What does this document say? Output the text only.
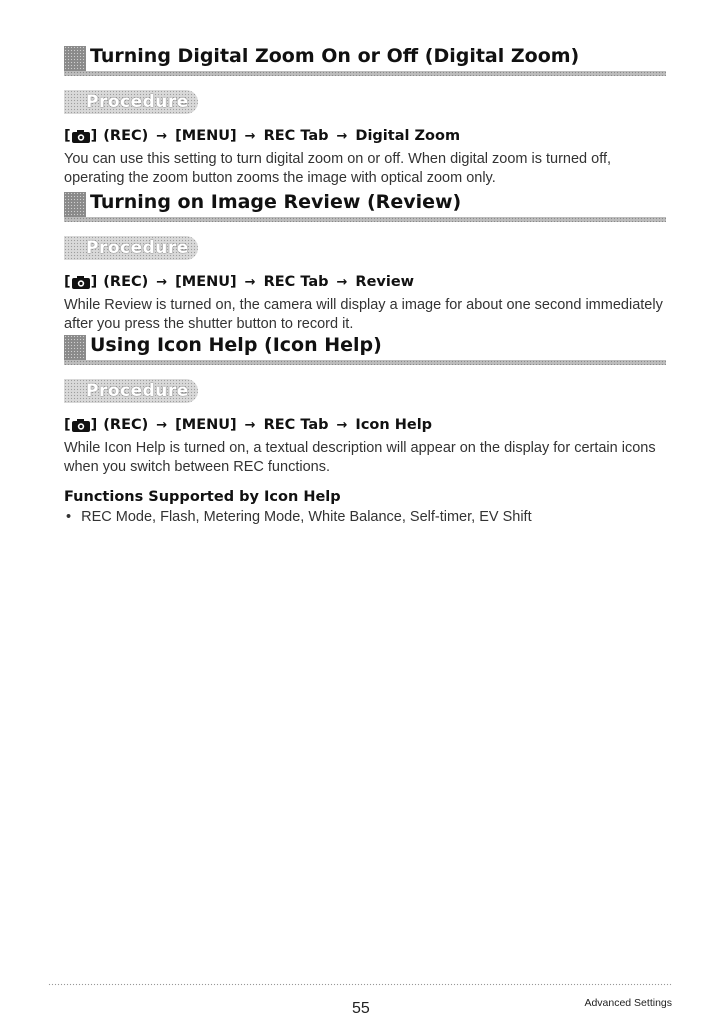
Turning Digital Zoom On or Off (Digital Zoom)
Procedure
[ ] (REC) → [MENU] → REC Tab → Digital Zoom
You can use this setting to turn digital zoom on or off. When digital zoom is turned off, operating the zoom button zooms the image with optical zoom only.
Turning on Image Review (Review)
Procedure
[ ] (REC) → [MENU] → REC Tab → Review
While Review is turned on, the camera will display a image for about one second immediately after you press the shutter button to record it.
Using Icon Help (Icon Help)
Procedure
[ ] (REC) → [MENU] → REC Tab → Icon Help
While Icon Help is turned on, a textual description will appear on the display for certain icons when you switch between REC functions.
Functions Supported by Icon Help
• REC Mode, Flash, Metering Mode, White Balance, Self-timer, EV Shift
55	Advanced Settings
